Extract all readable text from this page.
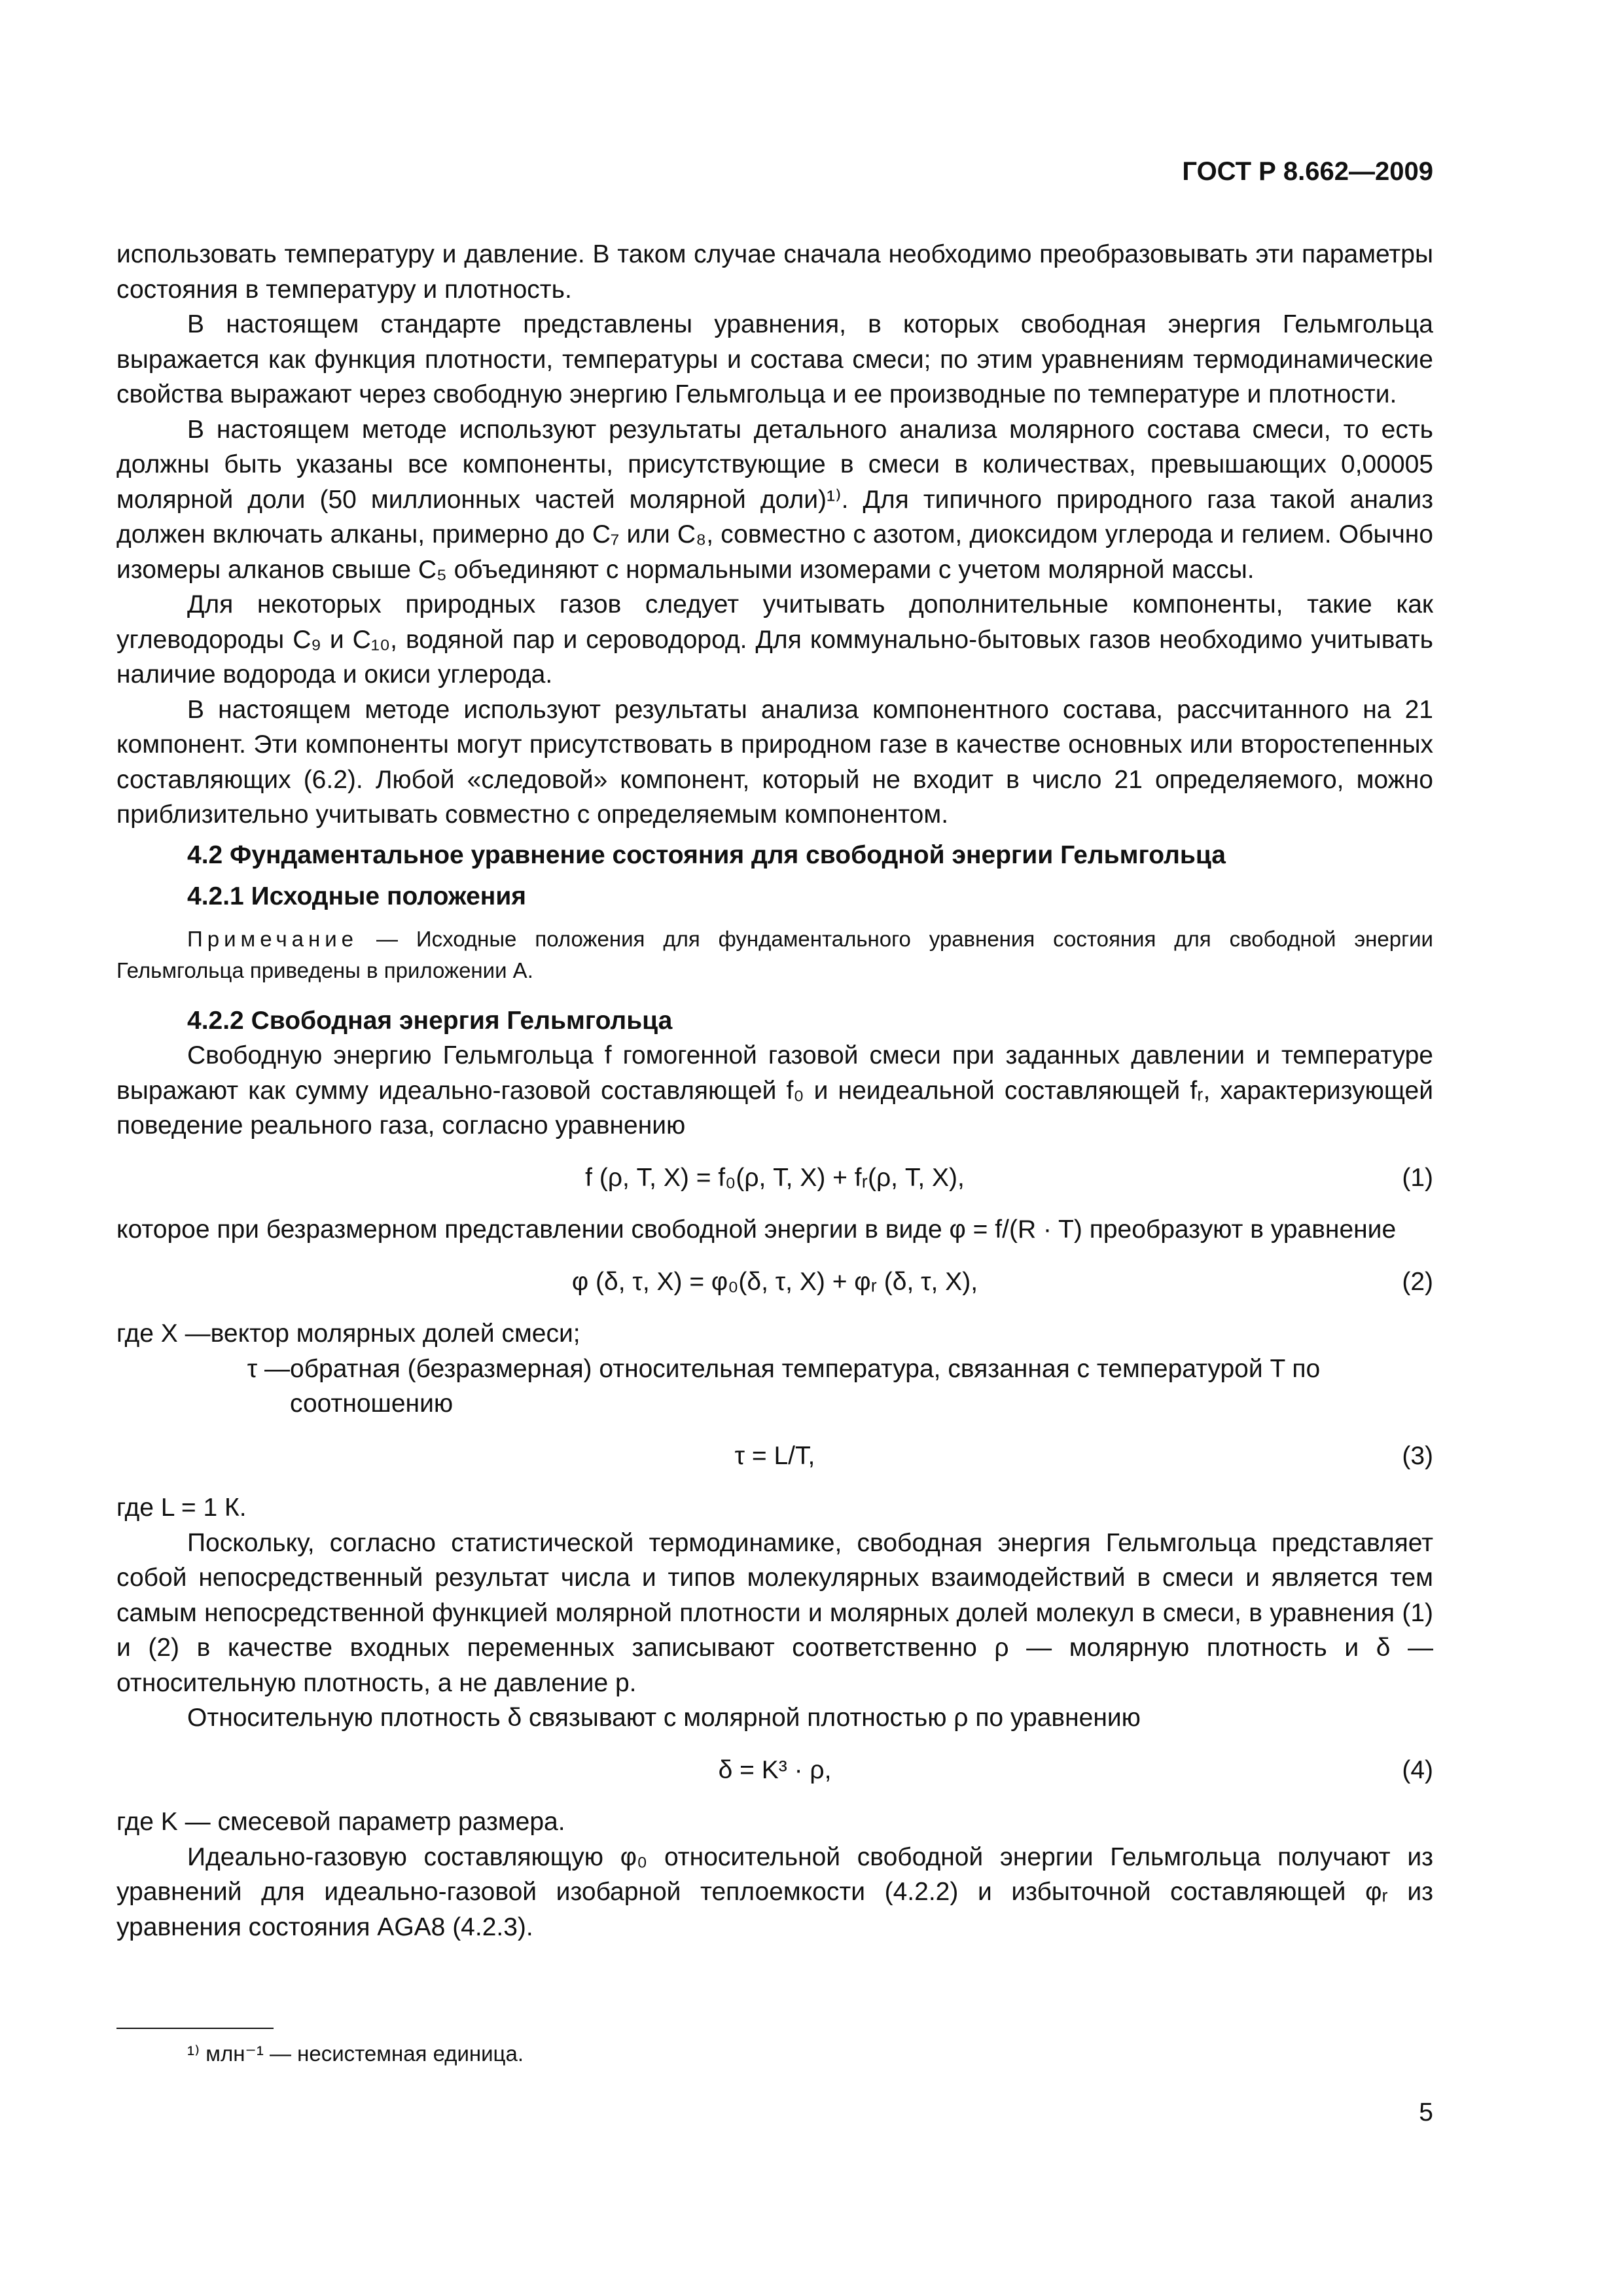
ГОСТ Р 8.662—2009

использовать температуру и давление. В таком случае сначала необходимо преобразовывать эти параметры состояния в температуру и плотность.

В настоящем стандарте представлены уравнения, в которых свободная энергия Гельмгольца выражается как функция плотности, температуры и состава смеси; по этим уравнениям термодинамические свойства выражают через свободную энергию Гельмгольца и ее производные по температуре и плотности.

В настоящем методе используют результаты детального анализа молярного состава смеси, то есть должны быть указаны все компоненты, присутствующие в смеси в количествах, превышающих 0,00005 молярной доли (50 миллионных частей молярной доли)¹⁾. Для типичного природного газа такой анализ должен включать алканы, примерно до C₇ или C₈, совместно с азотом, диоксидом углерода и гелием. Обычно изомеры алканов свыше C₅ объединяют с нормальными изомерами с учетом молярной массы.

Для некоторых природных газов следует учитывать дополнительные компоненты, такие как углеводороды C₉ и C₁₀, водяной пар и сероводород. Для коммунально-бытовых газов необходимо учитывать наличие водорода и окиси углерода.

В настоящем методе используют результаты анализа компонентного состава, рассчитанного на 21 компонент. Эти компоненты могут присутствовать в природном газе в качестве основных или второстепенных составляющих (6.2). Любой «следовой» компонент, который не входит в число 21 определяемого, можно приблизительно учитывать совместно с определяемым компонентом.

4.2 Фундаментальное уравнение состояния для свободной энергии Гельмгольца

4.2.1 Исходные положения

Примечание — Исходные положения для фундаментального уравнения состояния для свободной энергии Гельмгольца приведены в приложении А.

4.2.2 Свободная энергия Гельмгольца

Свободную энергию Гельмгольца f гомогенной газовой смеси при заданных давлении и температуре выражают как сумму идеально-газовой составляющей f₀ и неидеальной составляющей fᵣ, характеризующей поведение реального газа, согласно уравнению

f (ρ, T, X) = f₀(ρ, T, X) + fᵣ(ρ, T, X),	(1)

которое при безразмерном представлении свободной энергии в виде φ = f/(R · T) преобразуют в уравнение

φ (δ, τ, X) = φ₀(δ, τ, X) + φᵣ (δ, τ, X),	(2)
где X — вектор молярных долей смеси;
τ — обратная (безразмерная) относительная температура, связанная с температурой T по соотношению
τ = L/T,	(3)

где L = 1 К.

Поскольку, согласно статистической термодинамике, свободная энергия Гельмгольца представляет собой непосредственный результат числа и типов молекулярных взаимодействий в смеси и является тем самым непосредственной функцией молярной плотности и молярных долей молекул в смеси, в уравнения (1) и (2) в качестве входных переменных записывают соответственно ρ — молярную плотность и δ — относительную плотность, а не давление p.

Относительную плотность δ связывают с молярной плотностью ρ по уравнению

δ = K³ · ρ,	(4)

где K — смесевой параметр размера.

Идеально-газовую составляющую φ₀ относительной свободной энергии Гельмгольца получают из уравнений для идеально-газовой изобарной теплоемкости (4.2.2) и избыточной составляющей φᵣ из уравнения состояния AGA8 (4.2.3).

¹⁾ млн⁻¹ — несистемная единица.
5
